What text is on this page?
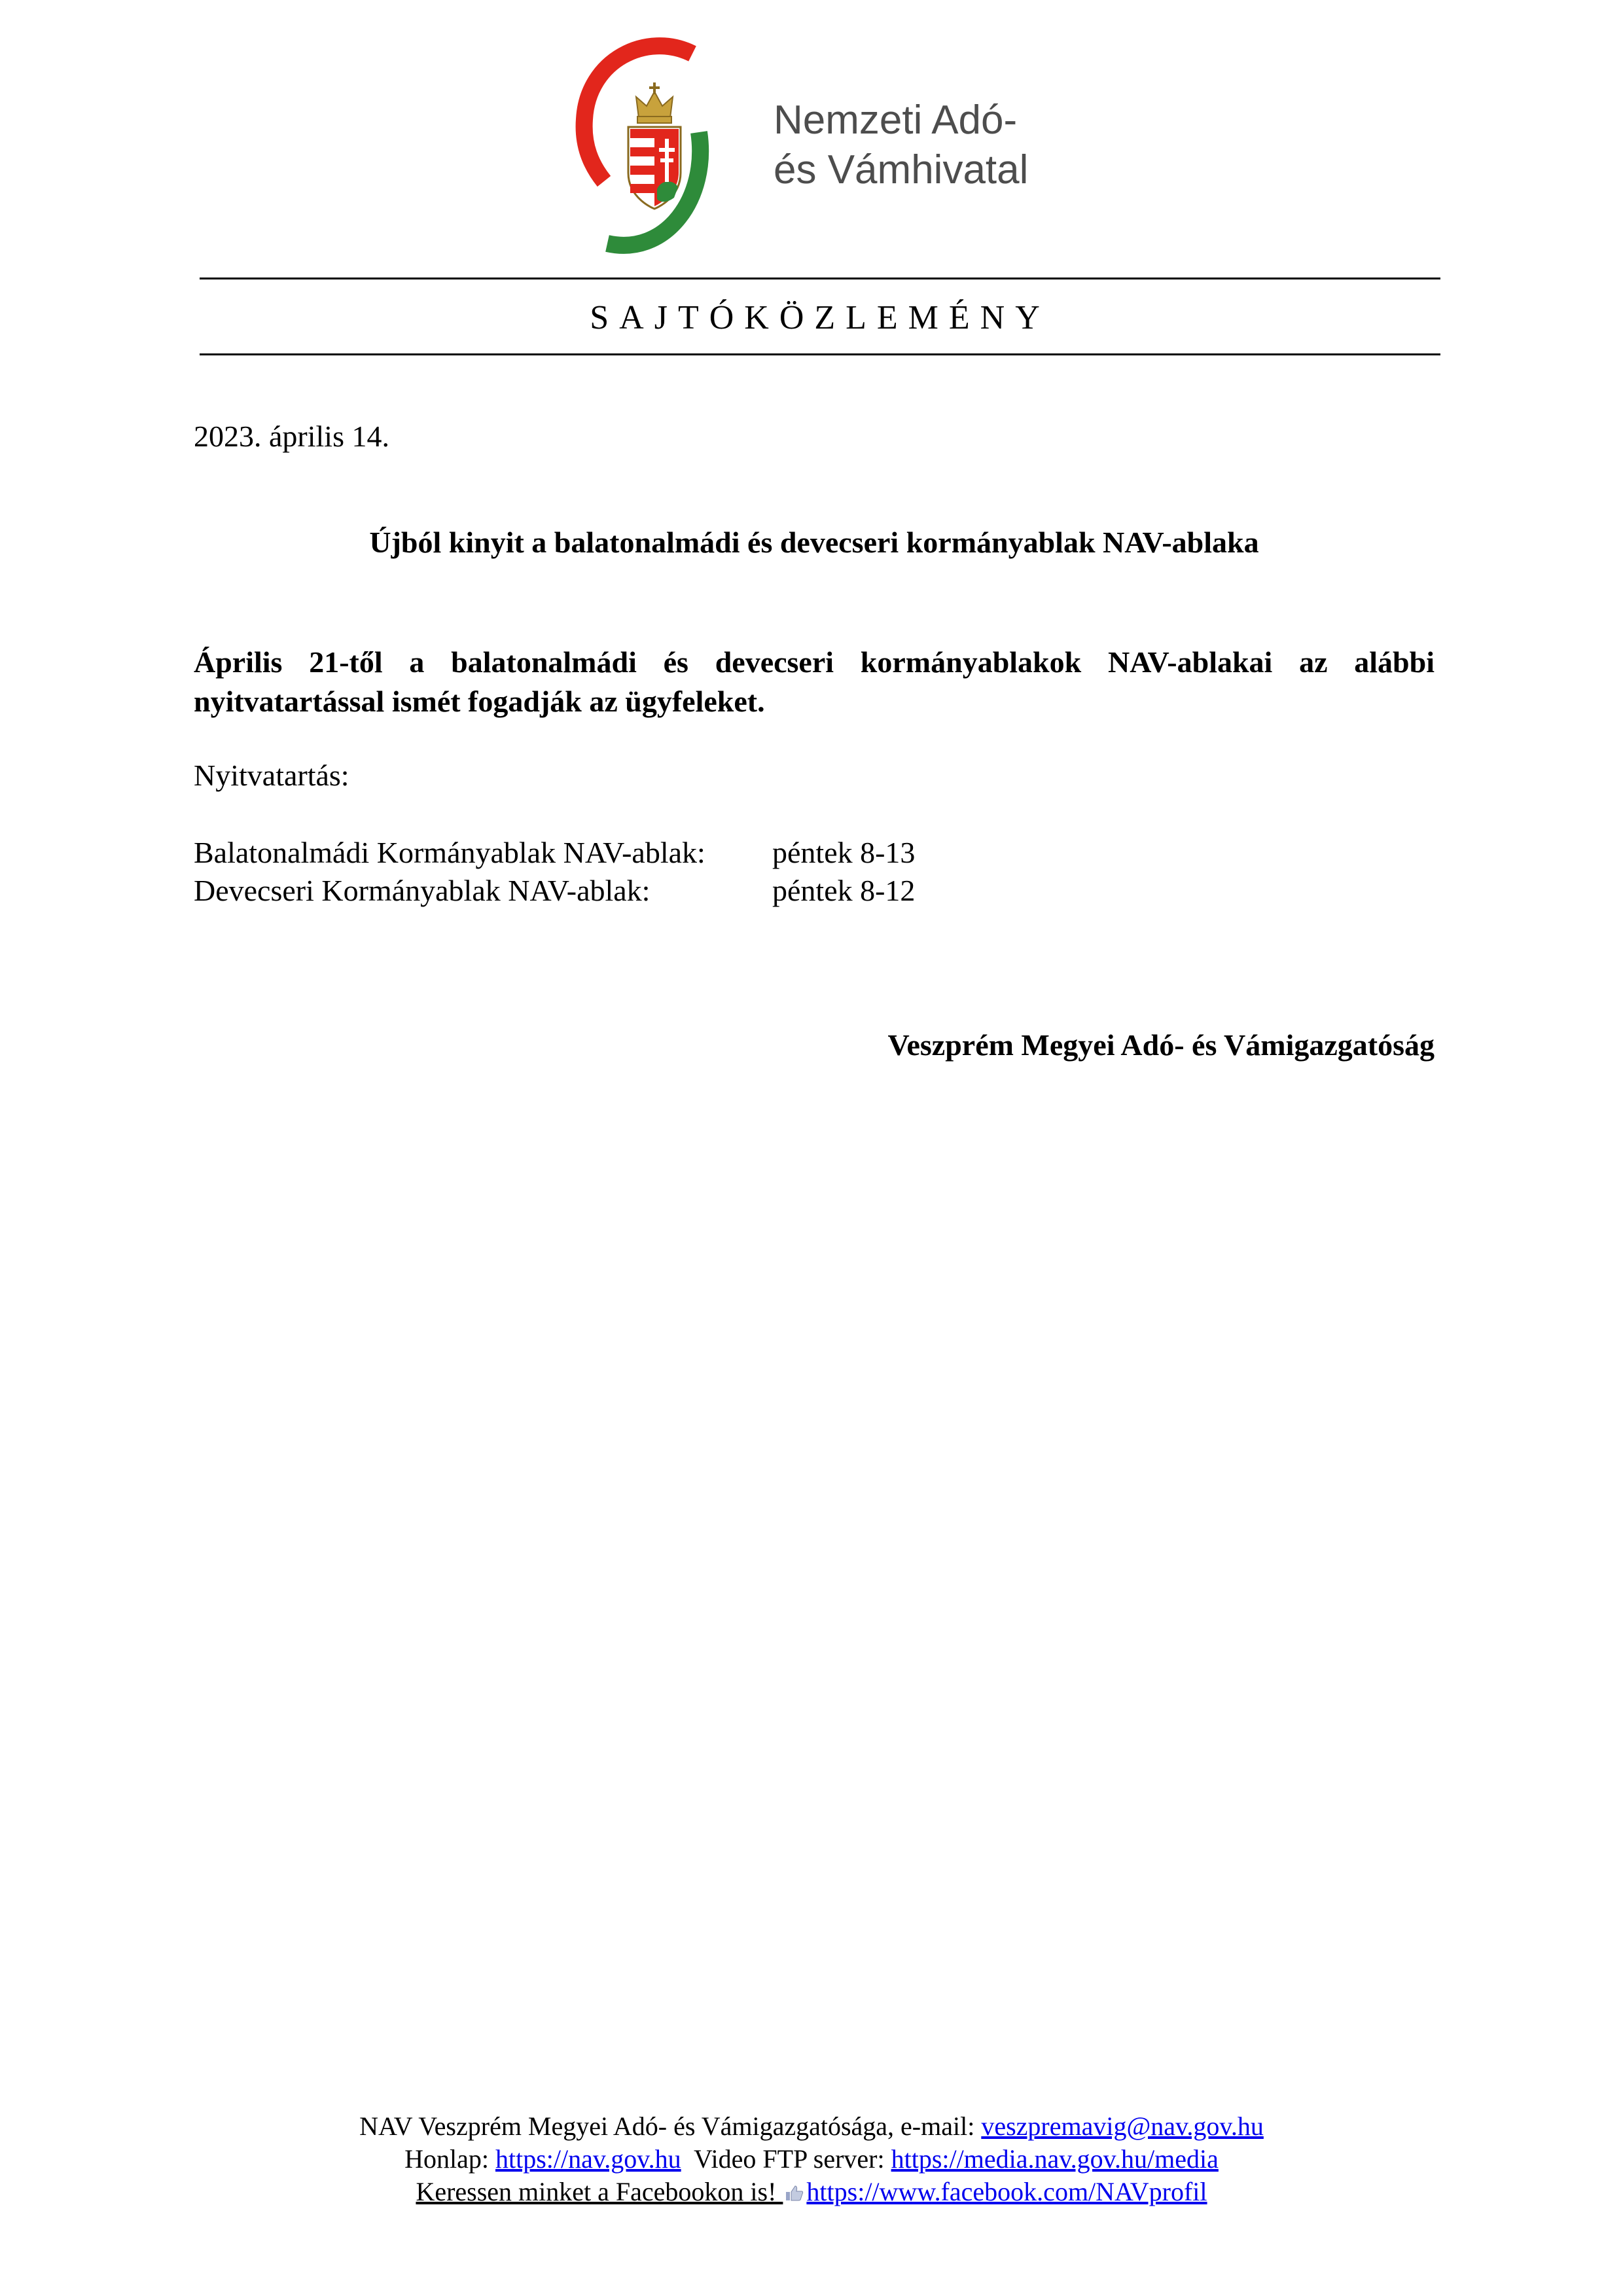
Nemzeti Adó-
és Vámhivatal
SAJTÓKÖZLEMÉNY
2023. április 14.
Újból kinyit a balatonalmádi és devecseri kormányablak NAV-ablaka
Április 21-től a balatonalmádi és devecseri kormányablakok NAV-ablakai az alábbi
nyitvatartással ismét fogadják az ügyfeleket.
Nyitvatartás:
Balatonalmádi Kormányablak NAV-ablak:	péntek 8-13
Devecseri Kormányablak NAV-ablak:	péntek 8-12
Veszprém Megyei Adó- és Vámigazgatóság
NAV Veszprém Megyei Adó- és Vámigazgatósága, e-mail: veszpremavig@nav.gov.hu
Honlap: https://nav.gov.hu  Video FTP server: https://media.nav.gov.hu/media
Keressen minket a Facebookon is! https://www.facebook.com/NAVprofil
